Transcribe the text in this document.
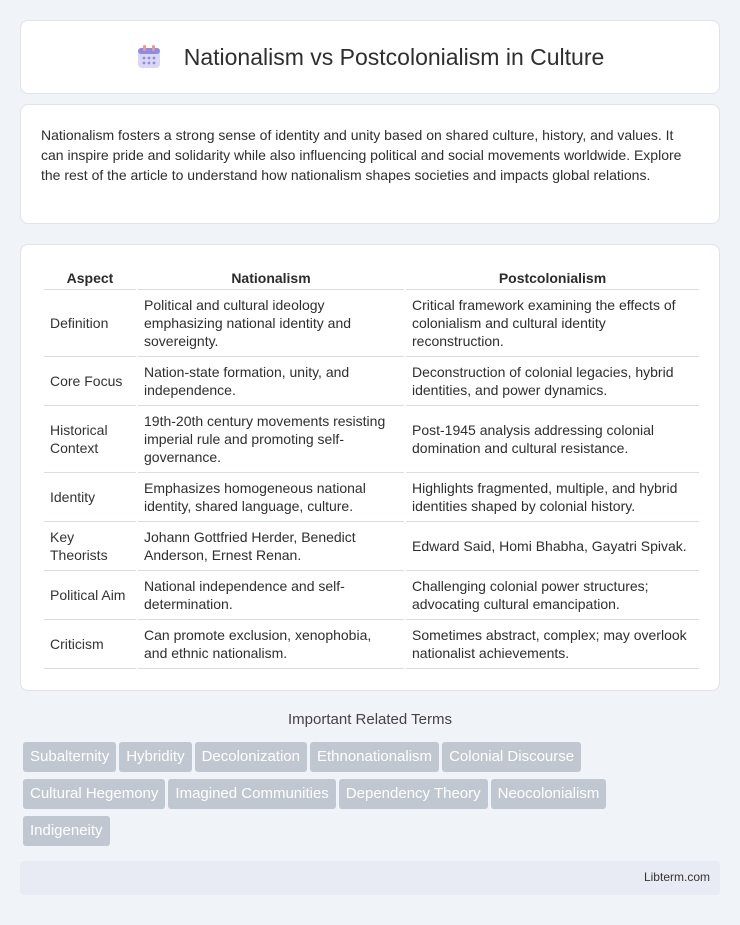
Nationalism vs Postcolonialism in Culture

Nationalism fosters a strong sense of identity and unity based on shared culture, history, and values. It can inspire pride and solidarity while also influencing political and social movements worldwide. Explore the rest of the article to understand how nationalism shapes societies and impacts global relations.

Aspect	Nationalism	Postcolonialism
Definition	Political and cultural ideology emphasizing national identity and sovereignty.	Critical framework examining the effects of colonialism and cultural identity reconstruction.
Core Focus	Nation-state formation, unity, and independence.	Deconstruction of colonial legacies, hybrid identities, and power dynamics.
Historical Context	19th-20th century movements resisting imperial rule and promoting self-governance.	Post-1945 analysis addressing colonial domination and cultural resistance.
Identity	Emphasizes homogeneous national identity, shared language, culture.	Highlights fragmented, multiple, and hybrid identities shaped by colonial history.
Key Theorists	Johann Gottfried Herder, Benedict Anderson, Ernest Renan.	Edward Said, Homi Bhabha, Gayatri Spivak.
Political Aim	National independence and self-determination.	Challenging colonial power structures; advocating cultural emancipation.
Criticism	Can promote exclusion, xenophobia, and ethnic nationalism.	Sometimes abstract, complex; may overlook nationalist achievements.
Important Related Terms
Subalternity Hybridity Decolonization Ethnonationalism Colonial Discourse
Cultural Hegemony Imagined Communities Dependency Theory Neocolonialism
Indigeneity
Libterm.com
